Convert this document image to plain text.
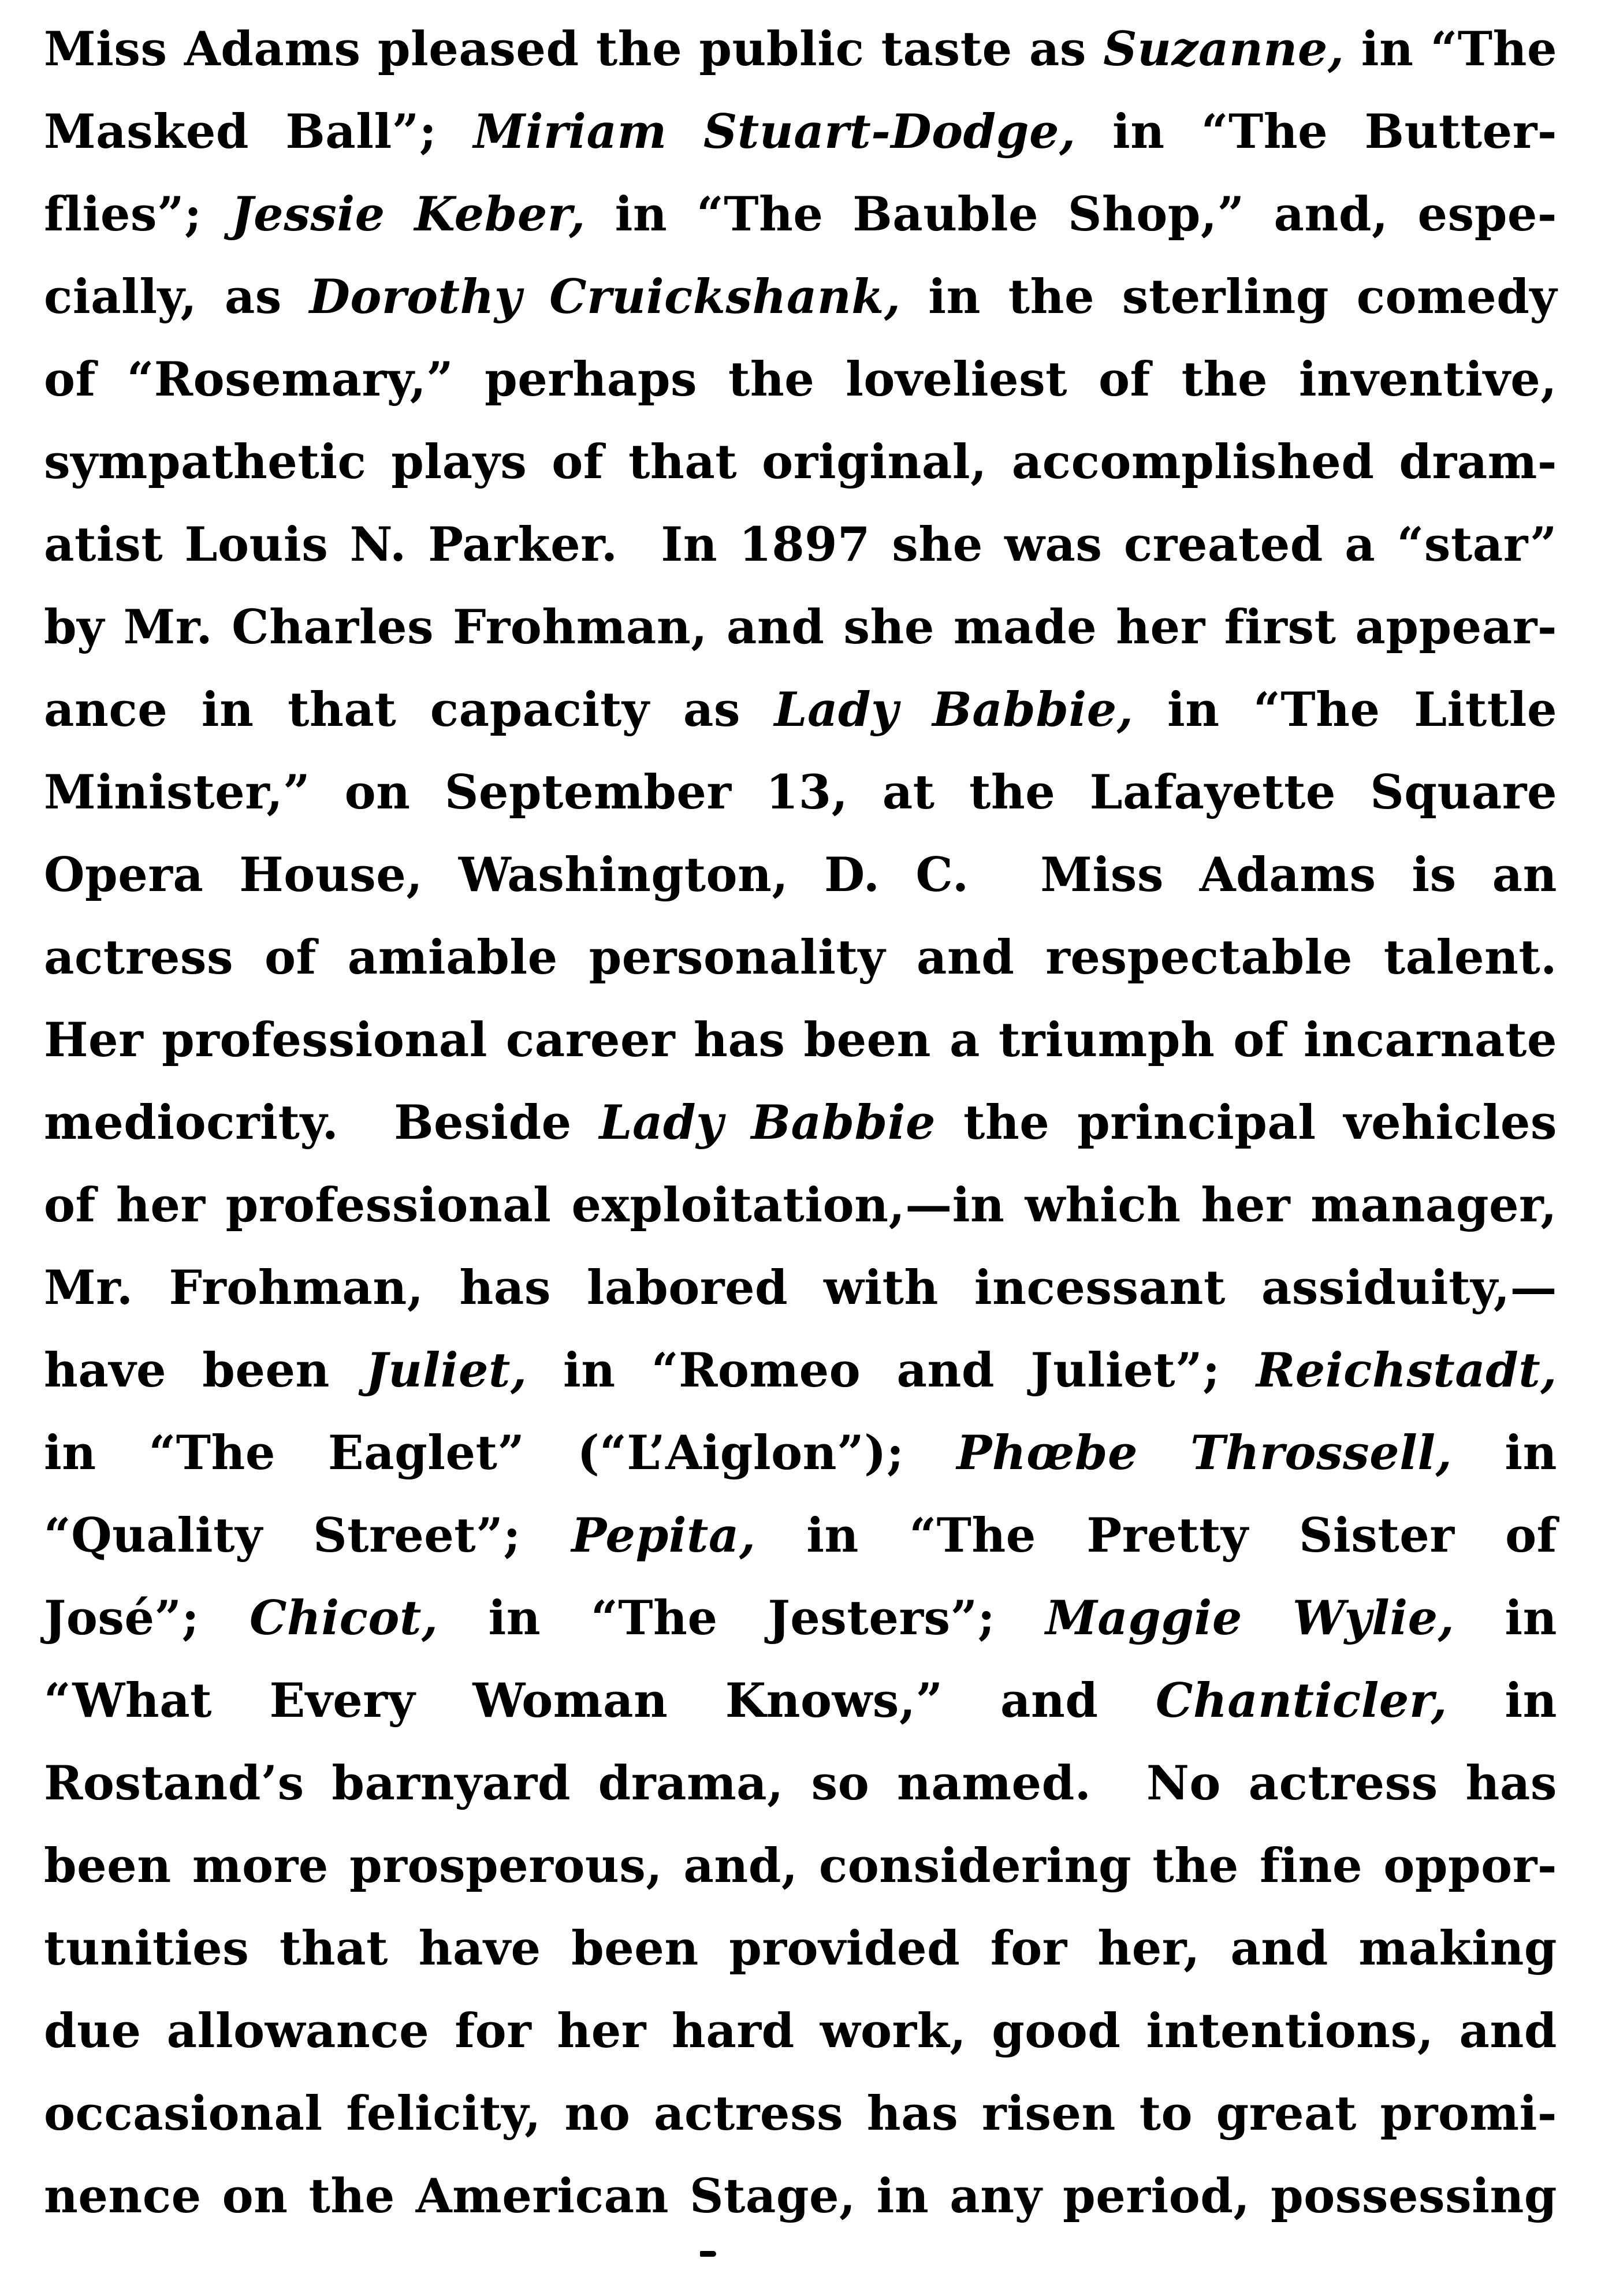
Miss Adams pleased the public taste as Suzanne, in “The
Masked Ball”; Miriam Stuart-Dodge, in “The Butter-
flies”; Jessie Keber, in “The Bauble Shop,” and, espe-
cially, as Dorothy Cruickshank, in the sterling comedy
of “Rosemary,” perhaps the loveliest of the inventive,
sympathetic plays of that original, accomplished dram-
atist Louis N. Parker.  In 1897 she was created a “star”
by Mr. Charles Frohman, and she made her first appear-
ance in that capacity as Lady Babbie, in “The Little
Minister,” on September 13, at the Lafayette Square
Opera House, Washington, D. C.  Miss Adams is an
actress of amiable personality and respectable talent.
Her professional career has been a triumph of incarnate
mediocrity.  Beside Lady Babbie the principal vehicles
of her professional exploitation,—in which her manager,
Mr. Frohman, has labored with incessant assiduity,—
have been Juliet, in “Romeo and Juliet”; Reichstadt,
in “The Eaglet” (“L’Aiglon”); Phœbe Throssell, in
“Quality Street”; Pepita, in “The Pretty Sister of
José”; Chicot, in “The Jesters”; Maggie Wylie, in
“What Every Woman Knows,” and Chanticler, in
Rostand’s barnyard drama, so named.  No actress has
been more prosperous, and, considering the fine oppor-
tunities that have been provided for her, and making
due allowance for her hard work, good intentions, and
occasional felicity, no actress has risen to great promi-
nence on the American Stage, in any period, possessing
